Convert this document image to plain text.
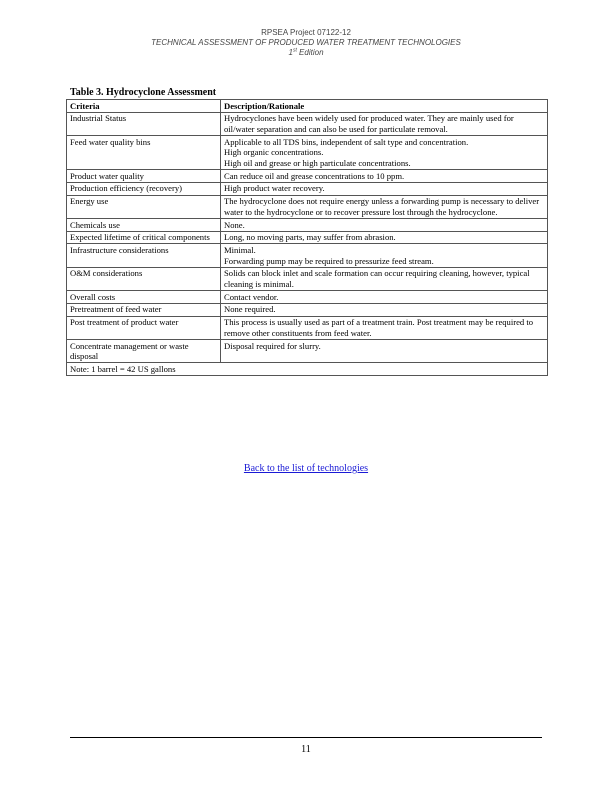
RPSEA Project 07122-12
TECHNICAL ASSESSMENT OF PRODUCED WATER TREATMENT TECHNOLOGIES
1st Edition
Table 3. Hydrocyclone Assessment
Criteria	Description/Rationale

Industrial Status	Hydrocyclones have been widely used for produced water. They are mainly used for oil/water separation and can also be used for particulate removal.

Feed water quality bins	Applicable to all TDS bins, independent of salt type and concentration.
High organic concentrations.
High oil and grease or high particulate concentrations.

Product water quality	Can reduce oil and grease concentrations to 10 ppm.

Production efficiency (recovery)	High product water recovery.

Energy use	The hydrocyclone does not require energy unless a forwarding pump is necessary to deliver water to the hydrocyclone or to recover pressure lost through the hydrocyclone.

Chemicals use	None.

Expected lifetime of critical components	Long, no moving parts, may suffer from abrasion.

Infrastructure considerations	Minimal.
Forwarding pump may be required to pressurize feed stream.

O&M considerations	Solids can block inlet and scale formation can occur requiring cleaning, however, typical cleaning is minimal.

Overall costs	Contact vendor.

Pretreatment of feed water	None required.

Post treatment of product water	This process is usually used as part of a treatment train. Post treatment may be required to remove other constituents from feed water.

Concentrate management or waste disposal	Disposal required for slurry.

Note: 1 barrel = 42 US gallons	
Back to the list of technologies
11
